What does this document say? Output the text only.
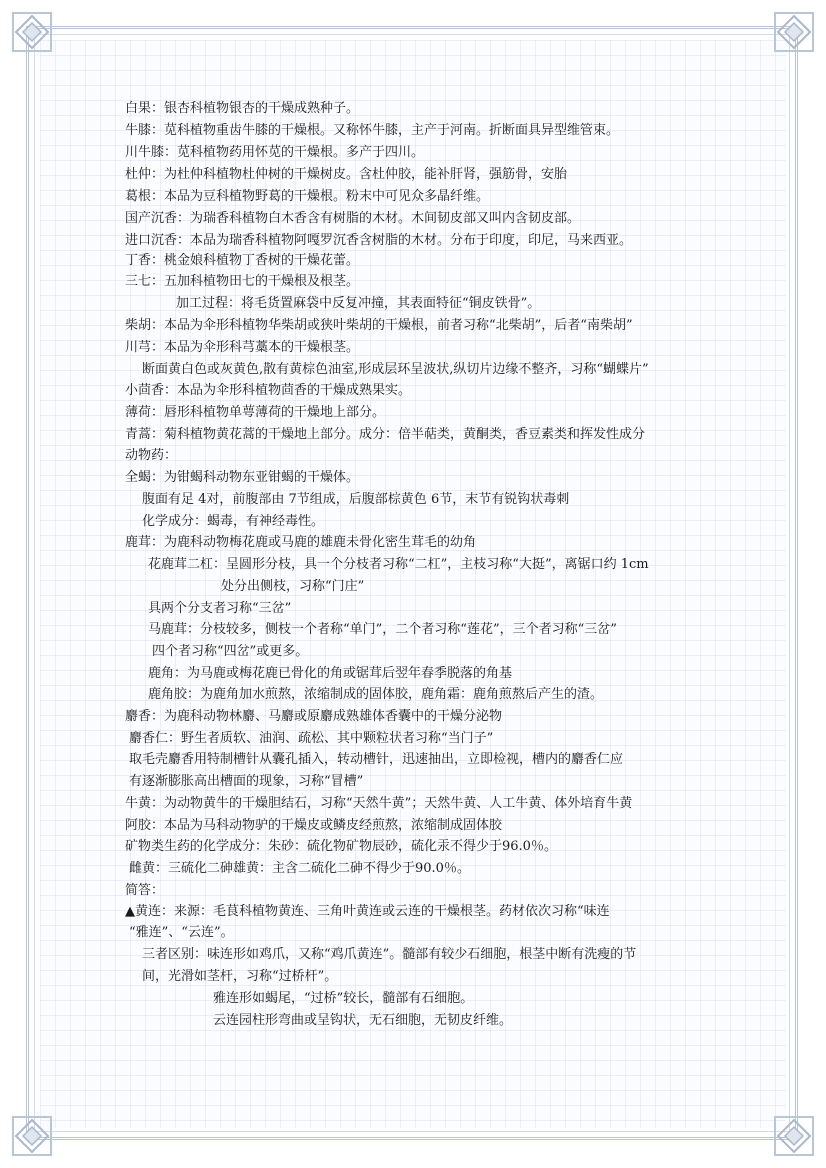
白果：银杏科植物银杏的干燥成熟种子。
牛膝：苋科植物重齿牛膝的干燥根。又称怀牛膝，主产于河南。折断面具异型维管束。
川牛膝：苋科植物药用怀苋的干燥根。多产于四川。
杜仲：为杜仲科植物杜仲树的干燥树皮。含杜仲胶，能补肝肾，强筋骨，安胎
葛根：本品为豆科植物野葛的干燥根。粉末中可见众多晶纤维。
国产沉香：为瑞香科植物白木香含有树脂的木材。木间韧皮部又叫内含韧皮部。
进口沉香：本品为瑞香科植物阿嘎罗沉香含树脂的木材。分布于印度，印尼，马来西亚。
丁香：桃金娘科植物丁香树的干燥花蕾。
三七：五加科植物田七的干燥根及根茎。
加工过程：将毛货置麻袋中反复冲撞，其表面特征“铜皮铁骨”。
柴胡：本品为伞形科植物华柴胡或狭叶柴胡的干燥根，前者习称“北柴胡”，后者“南柴胡”
川芎：本品为伞形科芎藁本的干燥根茎。
断面黄白色或灰黄色,散有黄棕色油室,形成层环呈波状,纵切片边缘不整齐，习称“蝴蝶片”
小茴香：本品为伞形科植物茴香的干燥成熟果实。
薄荷：唇形科植物单萼薄荷的干燥地上部分。
青蒿：菊科植物黄花蒿的干燥地上部分。成分：倍半萜类，黄酮类，香豆素类和挥发性成分
动物药：
全蝎：为钳蝎科动物东亚钳蝎的干燥体。
腹面有足 4对，前腹部由 7节组成，后腹部棕黄色 6节，末节有锐钩状毒刺
化学成分：蝎毒，有神经毒性。
鹿茸：为鹿科动物梅花鹿或马鹿的雄鹿未骨化密生茸毛的幼角
花鹿茸二杠：呈圆形分枝，具一个分枝者习称“二杠”，主枝习称“大挺”，离锯口约 1cm
处分出侧枝，习称“门庄”
具两个分支者习称“三岔”
马鹿茸：分枝较多，侧枝一个者称“单门”，二个者习称“莲花”，三个者习称“三岔”
四个者习称“四岔”或更多。
鹿角：为马鹿或梅花鹿已骨化的角或锯茸后翌年春季脱落的角基
鹿角胶：为鹿角加水煎熬，浓缩制成的固体胶，鹿角霜：鹿角煎熬后产生的渣。
麝香：为鹿科动物林麝、马麝或原麝成熟雄体香囊中的干燥分泌物
麝香仁：野生者质软、油润、疏松、其中颗粒状者习称“当门子”
取毛壳麝香用特制槽针从囊孔插入，转动槽针，迅速抽出，立即检视，槽内的麝香仁应
有逐渐膨胀高出槽面的现象，习称“冒槽”
牛黄：为动物黄牛的干燥胆结石，习称“天然牛黄”；天然牛黄、人工牛黄、体外培育牛黄
阿胶：本品为马科动物驴的干燥皮或鳞皮经煎熬，浓缩制成固体胶
矿物类生药的化学成分：朱砂：硫化物矿物辰砂，硫化汞不得少于96.0％。
雌黄：三硫化二砷雄黄：主含二硫化二砷不得少于90.0％。
简答：
▲黄连：来源：毛茛科植物黄连、三角叶黄连或云连的干燥根茎。药材依次习称“味连
“雅连”、“云连”。
三者区别：味连形如鸡爪，又称“鸡爪黄连”。髓部有较少石细胞，根茎中断有洗瘦的节
间，光滑如茎杆，习称“过桥杆”。
雅连形如蝎尾，“过桥”较长，髓部有石细胞。
云连园柱形弯曲或呈钩状，无石细胞，无韧皮纤维。
